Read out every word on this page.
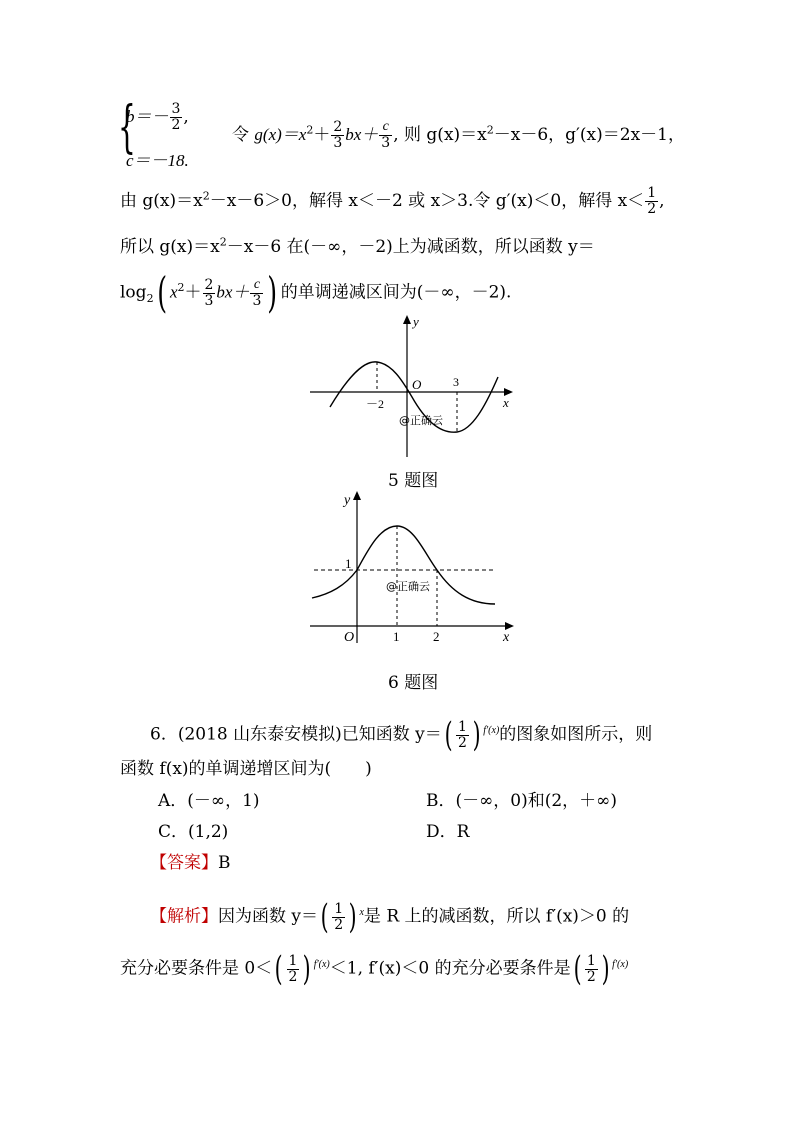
{
$b=- \frac{3}{2}$ ,
c＝－18.
令 $g(x)=x^2+ \frac{2}{3} bx+ \frac{c}{3}$ , 则 $g(x)=x^2-x-6$，g′(x)＝2x－1，
由 $g(x)=x^2-x-6>0$，解得 x＜－2 或 x＞3.令 g′(x)＜0，解得 $x< \frac{1}{2}$ ,
所以 $g(x)=x^2-x-6$ 在(－∞，－2)上为减函数，所以函数 y＝
$\log_2$( $x^2+ \frac{2}{3} bx+ \frac{c}{3}$ ) 的单调递减区间为(－∞，－2).
y
x
O
－2
3
@正确云
5 题图
y
x
O
1
1	2
@正确云
6 题图
6．(2018 山东泰安模拟)已知函数 $y=( \frac{1}{2}$ ) $^{f'(x)}$的图象如图所示，则
函数 f(x)的单调递增区间为(　　)
A．(－∞，1)	B．(－∞，0)和(2，＋∞)
C．(1,2)	D．R
【答案】B
【解析】因为函数 $y=( \frac{1}{2}$ ) $^x$是 R 上的减函数，所以 f′(x)＞0 的
充分必要条件是 $0<( \frac{1}{2}$ ) $^{f'(x)}$＜1, f′(x)＜0 的充分必要条件是( $\frac{1}{2}$ ) $^{f'(x)}$
